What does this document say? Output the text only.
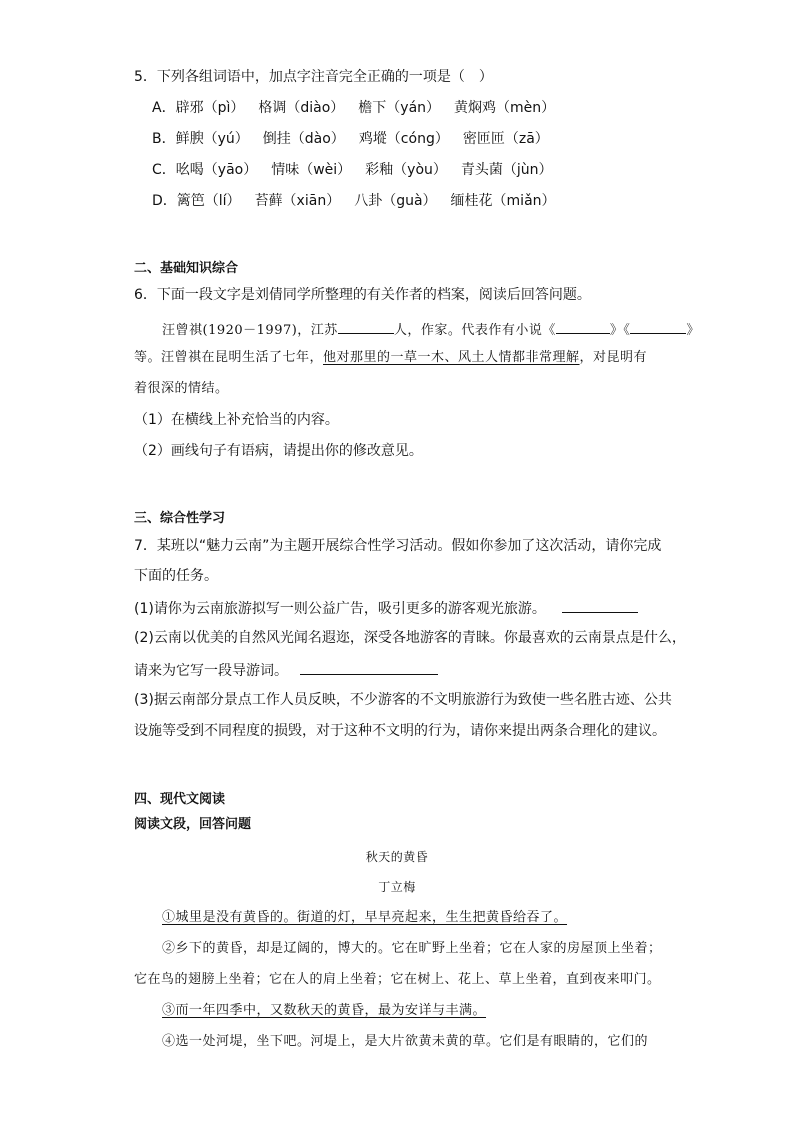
5．下列各组词语中，加点字注音完全正确的一项是（　）
A．辟邪（pì） 格调（diào） 檐下（yán） 黄焖鸡（mèn）
B．鲜腴（yú） 倒挂（dào） 鸡㙡（cóng） 密匝匝（zā）
C．吆喝（yāo） 情味（wèi） 彩釉（yòu） 青头菌（jùn）
D．篱笆（lí） 苔藓（xiān） 八卦（guà） 缅桂花（miǎn）
二、基础知识综合
6．下面一段文字是刘倩同学所整理的有关作者的档案，阅读后回答问题。
汪曾祺(1920－1997)，江苏	人，作家。代表作有小说《	》《	》
等。汪曾祺在昆明生活了七年，他对那里的一草一木、风土人情都非常理解，对昆明有
着很深的情结。
（1）在横线上补充恰当的内容。
（2）画线句子有语病，请提出你的修改意见。
三、综合性学习
7．某班以“魅力云南”为主题开展综合性学习活动。假如你参加了这次活动，请你完成
下面的任务。
(1)请你为云南旅游拟写一则公益广告，吸引更多的游客观光旅游。
(2)云南以优美的自然风光闻名遐迩，深受各地游客的青睐。你最喜欢的云南景点是什么，
请来为它写一段导游词。
(3)据云南部分景点工作人员反映，不少游客的不文明旅游行为致使一些名胜古迹、公共
设施等受到不同程度的损毁，对于这种不文明的行为，请你来提出两条合理化的建议。
四、现代文阅读
阅读文段，回答问题
秋天的黄昏
丁立梅
①城里是没有黄昏的。街道的灯，早早亮起来，生生把黄昏给吞了。
②乡下的黄昏，却是辽阔的，博大的。它在旷野上坐着；它在人家的房屋顶上坐着；
它在鸟的翅膀上坐着；它在人的肩上坐着；它在树上、花上、草上坐着，直到夜来叩门。
③而一年四季中，又数秋天的黄昏，最为安详与丰满。
④选一处河堤，坐下吧。河堤上，是大片欲黄未黄的草。它们是有眼睛的，它们的
